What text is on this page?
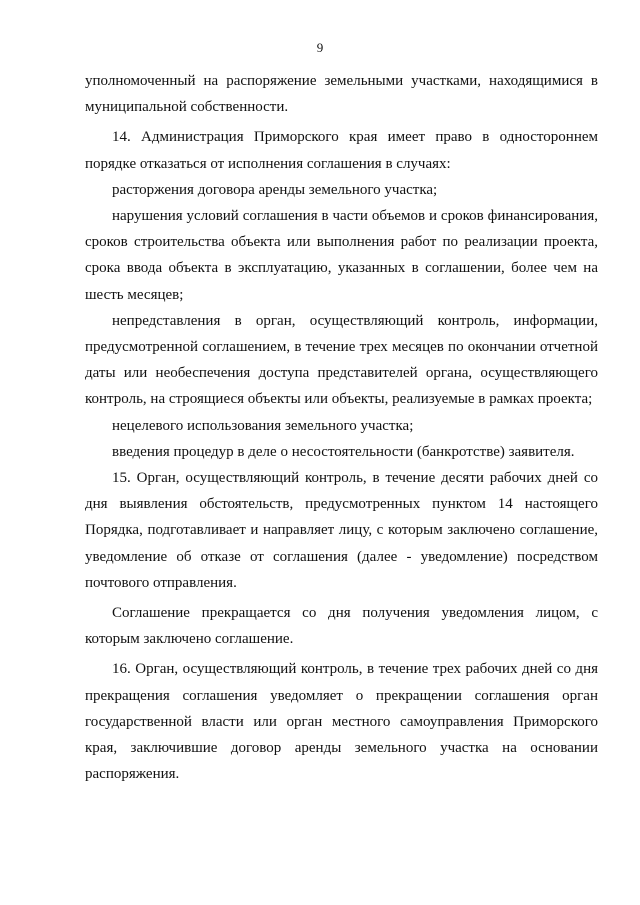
9

уполномоченный на распоряжение земельными участками, находящимися в муниципальной собственности.

14. Администрация Приморского края имеет право в одностороннем порядке отказаться от исполнения соглашения в случаях:

расторжения договора аренды земельного участка;

нарушения условий соглашения в части объемов и сроков финансирования, сроков строительства объекта или выполнения работ по реализации проекта, срока ввода объекта в эксплуатацию, указанных в соглашении, более чем на шесть месяцев;

непредставления в орган, осуществляющий контроль, информации, предусмотренной соглашением, в течение трех месяцев по окончании отчетной даты или необеспечения доступа представителей органа, осуществляющего контроль, на строящиеся объекты или объекты, реализуемые в рамках проекта;

нецелевого использования земельного участка;

введения процедур в деле о несостоятельности (банкротстве) заявителя.

15. Орган, осуществляющий контроль, в течение десяти рабочих дней со дня выявления обстоятельств, предусмотренных пунктом 14 настоящего Порядка, подготавливает и направляет лицу, с которым заключено соглашение, уведомление об отказе от соглашения (далее - уведомление) посредством почтового отправления.

Соглашение прекращается со дня получения уведомления лицом, с которым заключено соглашение.

16. Орган, осуществляющий контроль, в течение трех рабочих дней со дня прекращения соглашения уведомляет о прекращении соглашения орган государственной власти или орган местного самоуправления Приморского края, заключившие договор аренды земельного участка на основании распоряжения.
